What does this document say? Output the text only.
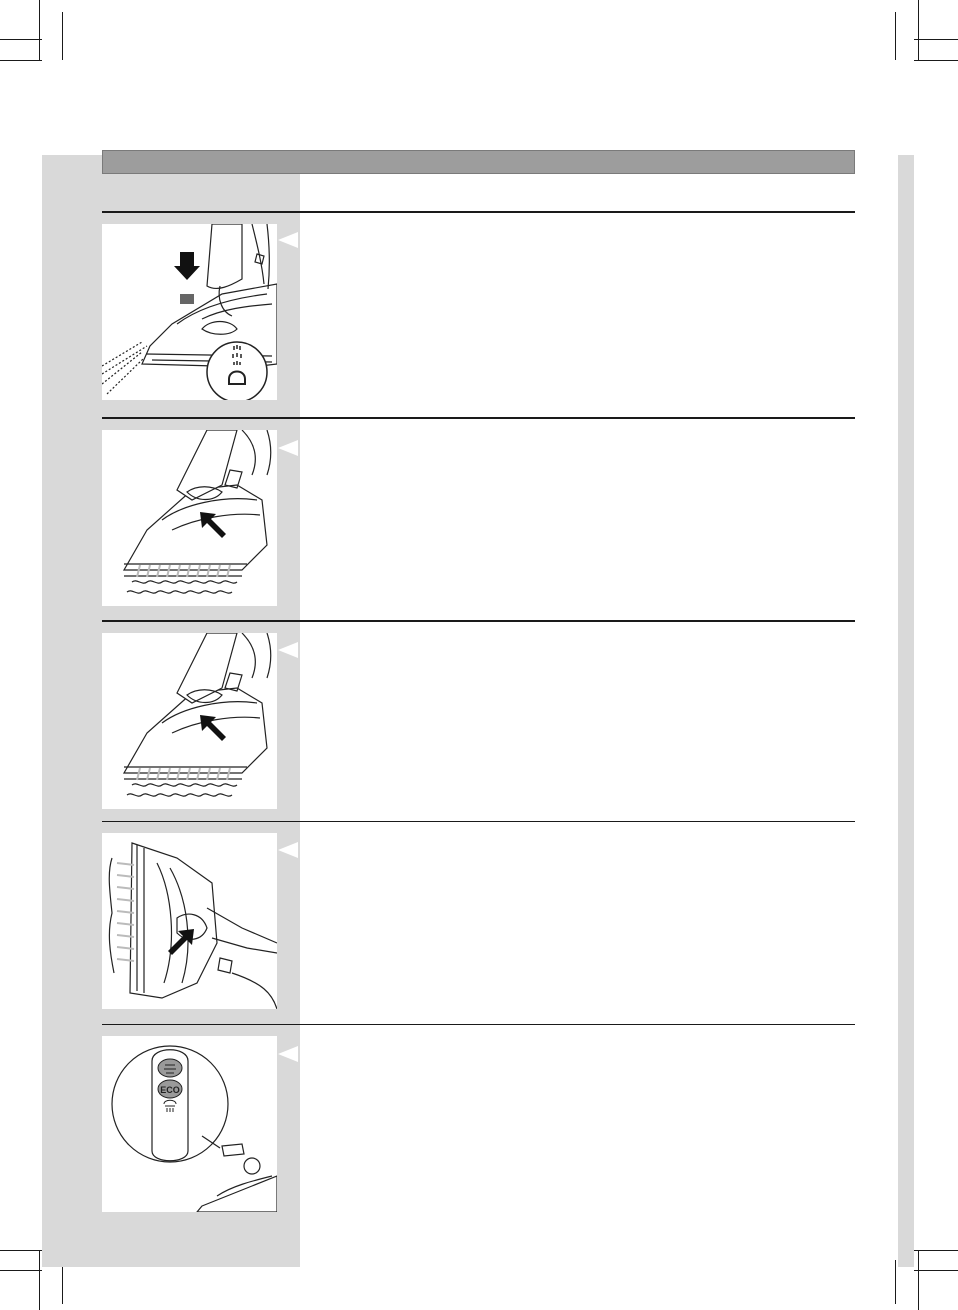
ECO
